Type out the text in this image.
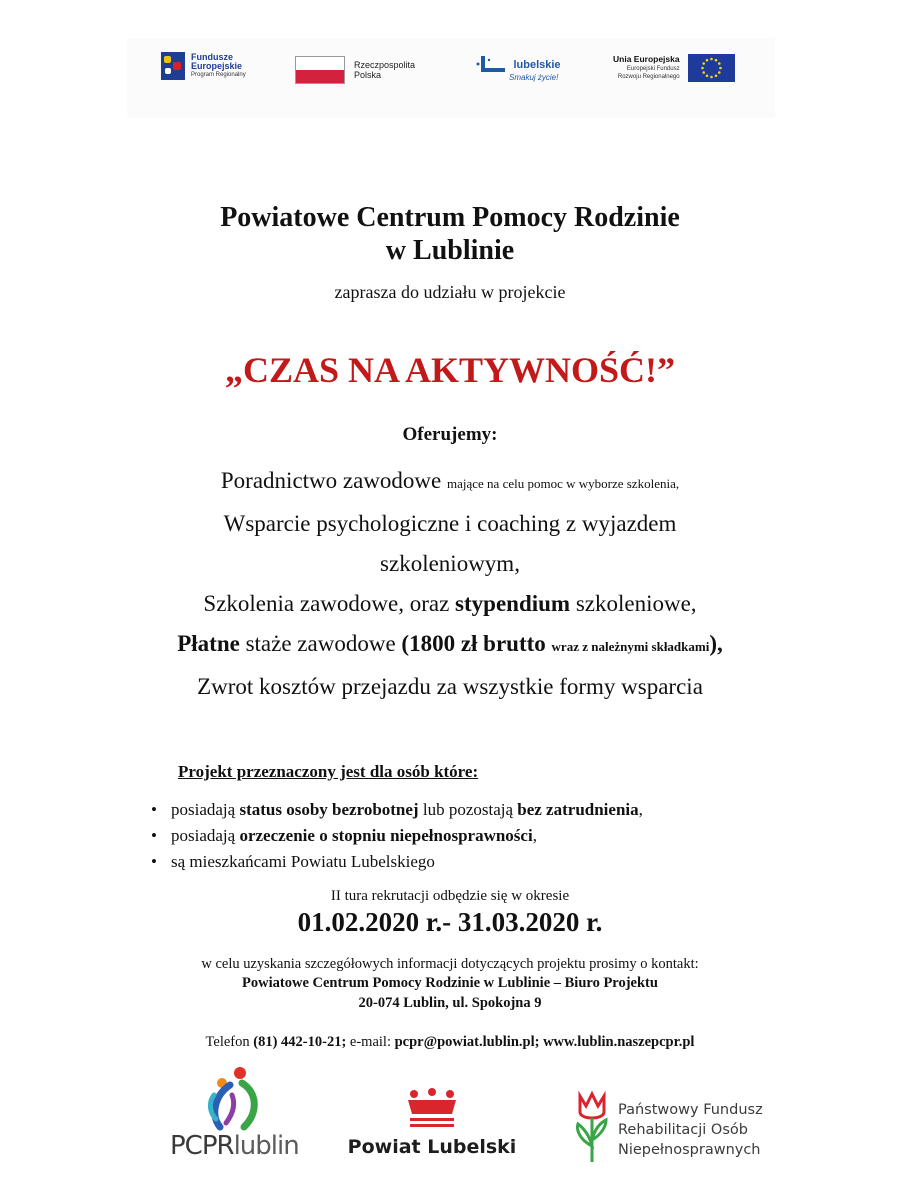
Fundusze
Europejskie
Program Regionalny
Rzeczpospolita
Polska
lubelskie
Smakuj życie!
Unia Europejska
Europejski Fundusz
Rozwoju Regionalnego
Powiatowe Centrum Pomocy Rodzinie
w Lublinie
zaprasza do udziału w projekcie
„CZAS NA AKTYWNOŚĆ!”
Oferujemy:
Poradnictwo zawodowe mające na celu pomoc w wyborze szkolenia,
Wsparcie psychologiczne i coaching z wyjazdem
szkoleniowym,
Szkolenia zawodowe, oraz stypendium szkoleniowe,
Płatne staże zawodowe (1800 zł brutto wraz z należnymi składkami),
Zwrot kosztów przejazdu za wszystkie formy wsparcia
Projekt przeznaczony jest dla osób które:
• posiadają status osoby bezrobotnej lub pozostają bez zatrudnienia,
• posiadają orzeczenie o stopniu niepełnosprawności,
• są mieszkańcami Powiatu Lubelskiego
II tura rekrutacji odbędzie się w okresie
01.02.2020 r.- 31.03.2020 r.
w celu uzyskania szczegółowych informacji dotyczących projektu prosimy o kontakt:
Powiatowe Centrum Pomocy Rodzinie w Lublinie – Biuro Projektu
20-074 Lublin, ul. Spokojna 9
Telefon (81) 442-10-21; e-mail: pcpr@powiat.lublin.pl; www.lublin.naszepcpr.pl
PCPRlublin	Powiat Lubelski
Państwowy Fundusz
Rehabilitacji Osób
Niepełnosprawnych
